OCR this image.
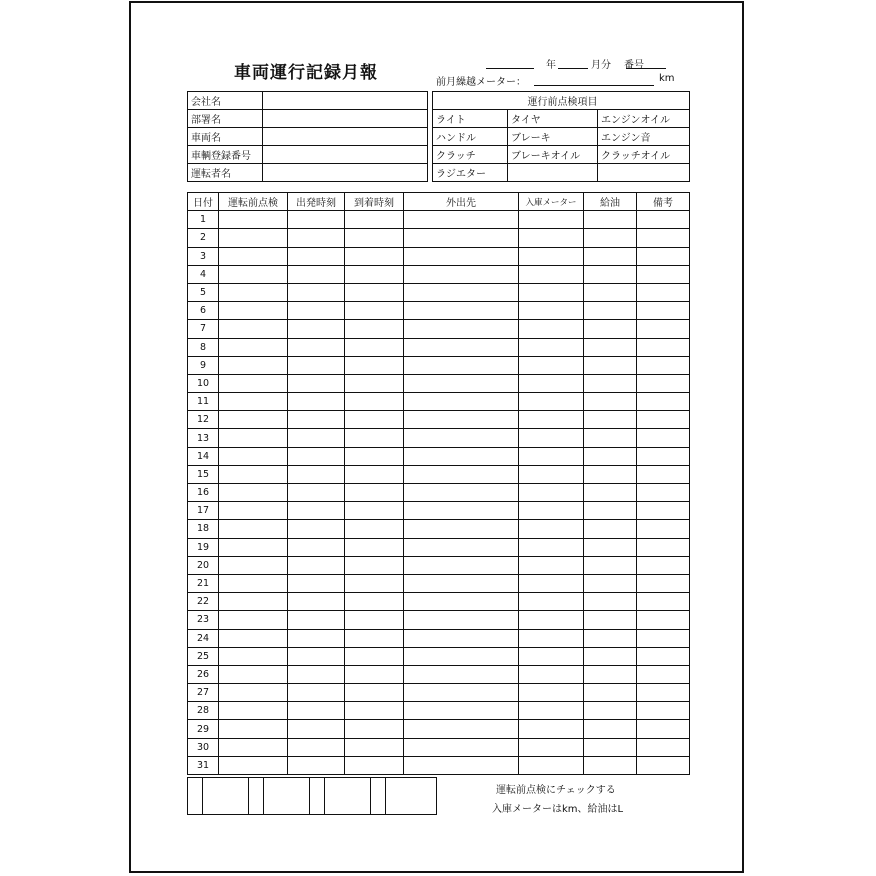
車両運行記録月報	年	月分 番号
前月繰越メーター：	km
会社名	
部署名	
車両名	
車輌登録番号	
運転者名	
運行前点検項目		
ライト	タイヤ	エンジンオイル
ハンドル	ブレーキ	エンジン音
クラッチ	ブレーキオイル	クラッチオイル
ラジエター		
日付	運転前点検	出発時刻	到着時刻	外出先	入庫メーター	給油	備考
1							
2							
3							
4							
5							
6							
7							
8							
9							
10							
11							
12							
13							
14							
15							
16							
17							
18							
19							
20							
21							
22							
23							
24							
25							
26							
27							
28							
29							
30							
31							

運転前点検にチェックする
入庫メーターはkm、給油はL
